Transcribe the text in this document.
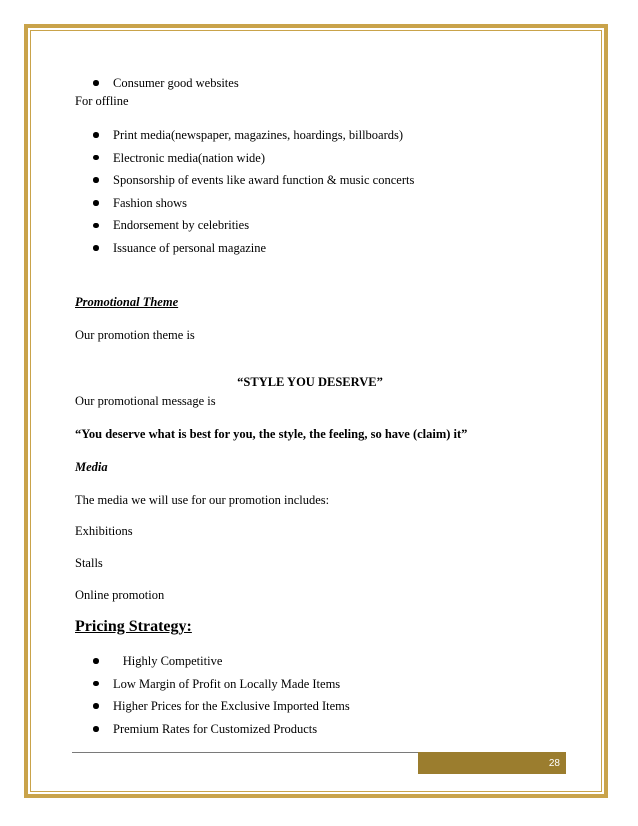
Consumer good websites

For offline

Print media(newspaper, magazines, hoardings, billboards)
Electronic media(nation wide)
Sponsorship of events like award function & music concerts
Fashion shows
Endorsement by celebrities
Issuance of personal magazine

Promotional Theme

Our promotion theme is

“STYLE YOU DESERVE”

Our promotional message is

“You deserve what is best for you, the style, the feeling, so have (claim) it”

Media

The media we will use for our promotion includes:

Exhibitions

Stalls

Online promotion

Pricing Strategy:

Highly Competitive
Low Margin of Profit on Locally Made Items
Higher Prices for the Exclusive Imported Items
Premium Rates for Customized Products
28
